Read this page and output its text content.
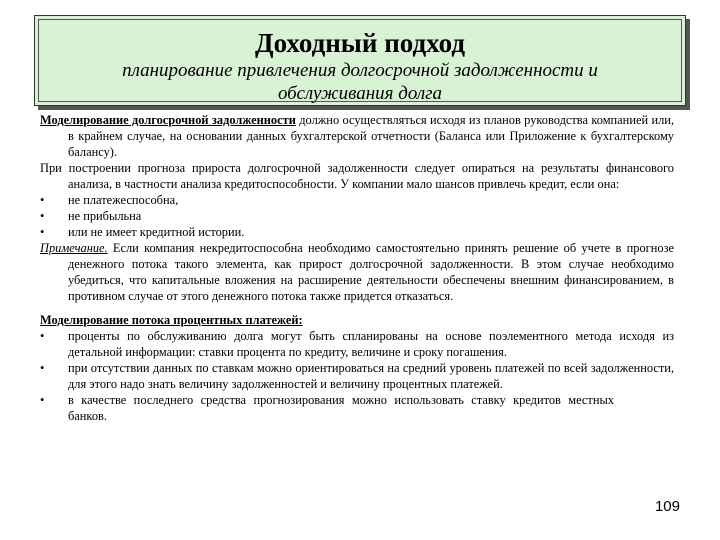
Доходный подход
планирование привлечения долгосрочной задолженности и
обслуживания долга

Моделирование долгосрочной задолженности должно осуществляться исходя из планов руководства компанией или, в крайнем случае, на основании данных бухгалтерской отчетности (Баланса или Приложение к бухгалтерскому балансу).

При построении прогноза прироста долгосрочной задолженности следует опираться на результаты финансового анализа, в частности анализа кредитоспособности. У компании мало шансов привлечь кредит, если она:

•	не платежеспособна,

•	не прибыльна

•	или не имеет кредитной истории.

Примечание. Если компания некредитоспособна необходимо самостоятельно принять решение об учете в прогнозе денежного потока такого элемента, как прирост долгосрочной задолженности. В этом случае необходимо убедиться, что капитальные вложения на расширение деятельности обеспечены внешним финансированием, в противном случае от этого денежного потока также придется отказаться.

Моделирование потока процентных платежей:

•	проценты по обслуживанию долга могут быть спланированы на основе поэлементного метода исходя из детальной информации: ставки процента по кредиту, величине и сроку погашения.

•	при отсутствии данных по ставкам можно ориентироваться на средний уровень платежей по всей задолженности, для этого надо знать величину задолженностей и величину процентных платежей.

•	в качестве последнего средства прогнозирования можно использовать ставку кредитов местных банков.

109
